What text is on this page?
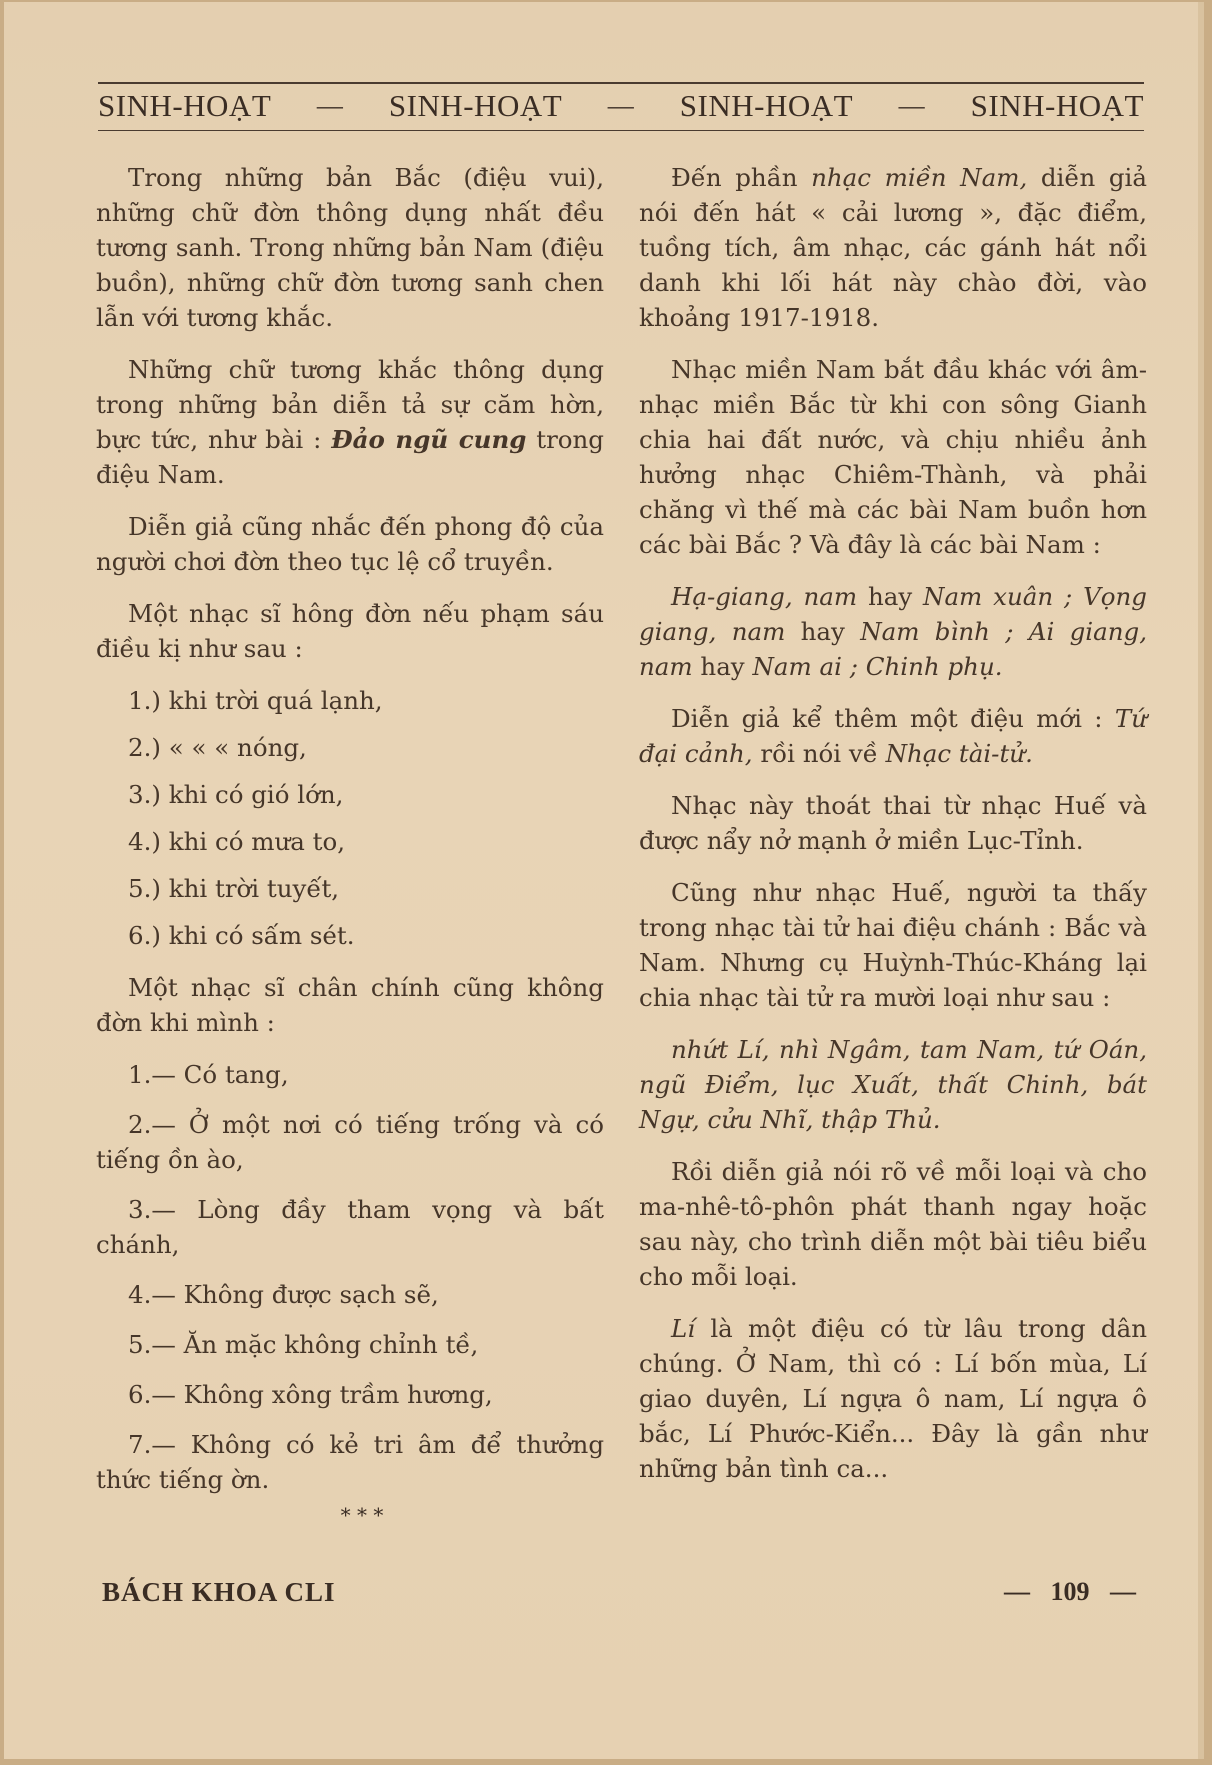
SINH-HOẠT — SINH-HOẠT — SINH-HOẠT — SINH-HOẠT

Trong những bản Bắc (điệu vui), những chữ đờn thông dụng nhất đều tương sanh. Trong những bản Nam (điệu buồn), những chữ đờn tương sanh chen lẫn với tương khắc.

Những chữ tương khắc thông dụng trong những bản diễn tả sự căm hờn, bực tức, như bài : Đảo ngũ cung trong điệu Nam.

Diễn giả cũng nhắc đến phong độ của người chơi đờn theo tục lệ cổ truyền.

Một nhạc sĩ hông đờn nếu phạm sáu điều kị như sau :

1.) khi trời quá lạnh,
2.) « « « nóng,
3.) khi có gió lớn,
4.) khi có mưa to,
5.) khi trời tuyết,
6.) khi có sấm sét.

Một nhạc sĩ chân chính cũng không đờn khi mình :

1.— Có tang,
2.— Ở một nơi có tiếng trống và có tiếng ồn ào,
3.— Lòng đầy tham vọng và bất chánh,
4.— Không được sạch sẽ,
5.— Ăn mặc không chỉnh tề,
6.— Không xông trầm hương,
7.— Không có kẻ tri âm để thưởng thức tiếng ờn.
* * *

Đến phần nhạc miền Nam, diễn giả nói đến hát « cải lương », đặc điểm, tuồng tích, âm nhạc, các gánh hát nổi danh khi lối hát này chào đời, vào khoảng 1917-1918.

Nhạc miền Nam bắt đầu khác với âm-nhạc miền Bắc từ khi con sông Gianh chia hai đất nước, và chịu nhiều ảnh hưởng nhạc Chiêm-Thành, và phải chăng vì thế mà các bài Nam buồn hơn các bài Bắc ? Và đây là các bài Nam :

Hạ-giang, nam hay Nam xuân ; Vọng giang, nam hay Nam bình ; Ai giang, nam hay Nam ai ; Chinh phụ.

Diễn giả kể thêm một điệu mới : Tứ đại cảnh, rồi nói về Nhạc tài-tử.

Nhạc này thoát thai từ nhạc Huế và được nẩy nở mạnh ở miền Lục-Tỉnh.

Cũng như nhạc Huế, người ta thấy trong nhạc tài tử hai điệu chánh : Bắc và Nam. Nhưng cụ Huỳnh-Thúc-Kháng lại chia nhạc tài tử ra mười loại như sau :

nhứt Lí, nhì Ngâm, tam Nam, tứ Oán, ngũ Điểm, lục Xuất, thất Chinh, bát Ngự, cửu Nhĩ, thập Thủ.

Rồi diễn giả nói rõ về mỗi loại và cho ma-nhê-tô-phôn phát thanh ngay hoặc sau này, cho trình diễn một bài tiêu biểu cho mỗi loại.

Lí là một điệu có từ lâu trong dân chúng. Ở Nam, thì có : Lí bốn mùa, Lí giao duyên, Lí ngựa ô nam, Lí ngựa ô bắc, Lí Phước-Kiển... Đây là gần như những bản tình ca...

BÁCH KHOA CLI	— 109 —
